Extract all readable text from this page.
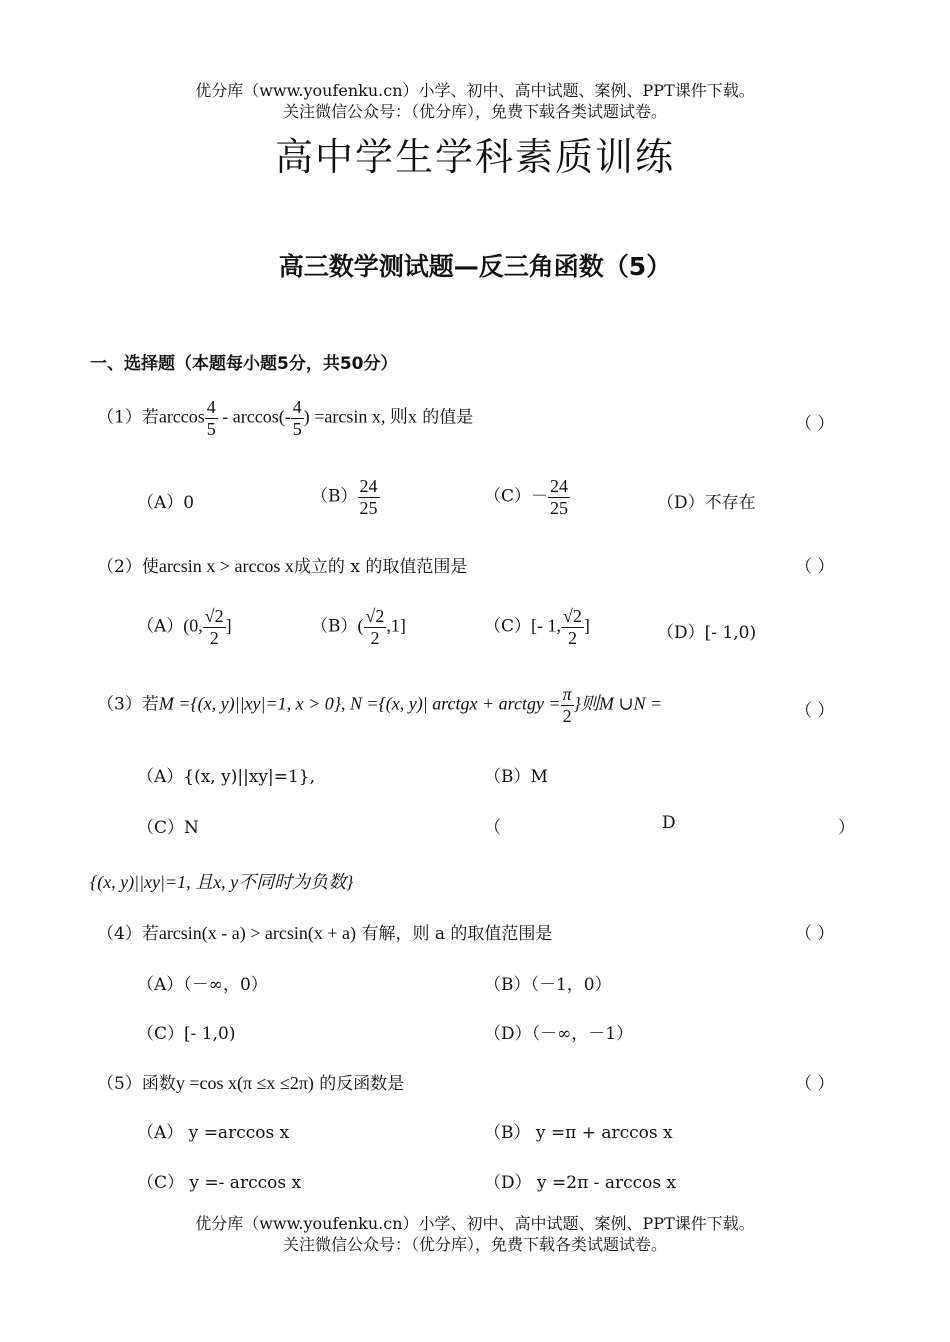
优分库（www.youfenku.cn）小学、初中、高中试题、案例、PPT课件下载。
关注微信公众号：（优分库），免费下载各类试题试卷。
高中学生学科素质训练
高三数学测试题—反三角函数（5）
一、选择题（本题每小题5分，共50分）
（1）若$\arccos \frac{4}{5} - \arccos(- \frac{4}{5}$ ) =arcsin x, 则x 的值是	（ ）
（A）0	$(B) \frac{24}{25}$	$(C)- \frac{24}{25}$	（D）不存在
（2）使arcsin x > arccos x成立的 x 的取值范围是	（ ）
（A）(0, $\frac{√2}{2}$ ]	$(B)( \frac{√2}{2} ,1]$	（C）[- 1, $\frac{√2}{2}$ ]	（D）[- 1,0)
（3）若M ={(x, y)||xy|=1, x > 0}, N ={(x, y)| arctgx + arctgy = $\frac{\pi}{2}$ }则M ∪N =	（ ）
（A）{(x, y)||xy|=1},	（B）M
（C）N	（	D	）
{(x, y)||xy|=1, 且x, y不同时为负数}
（4）若arcsin(x - a) > arcsin(x + a) 有解，则 a 的取值范围是	（ ）
（A）（－∞，0）	（B）（－1，0）
（C）[- 1,0)	（D）（－∞，－1）
（5）函数y =cos x(π ≤x ≤2π) 的反函数是	（ ）
（A） y =arccos x	（B） y =π + arccos x
（C） y =- arccos x	（D） y =2π - arccos x
优分库（www.youfenku.cn）小学、初中、高中试题、案例、PPT课件下载。
关注微信公众号：（优分库），免费下载各类试题试卷。
